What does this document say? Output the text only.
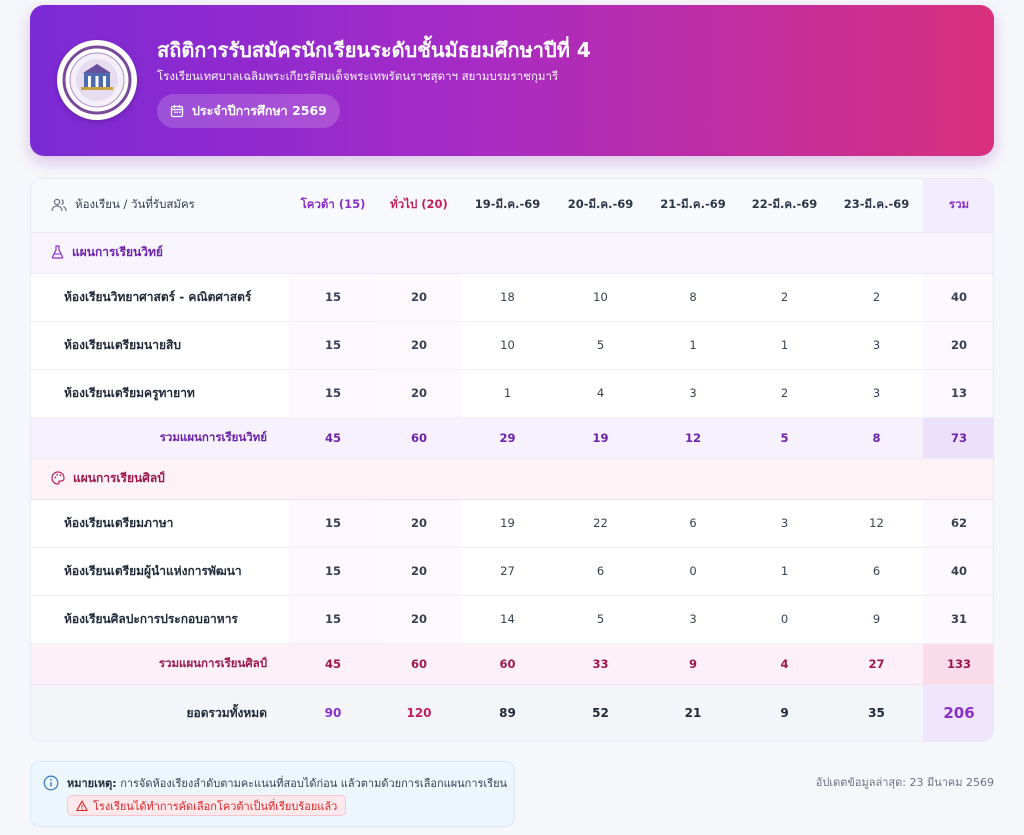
สถิติการรับสมัครนักเรียนระดับชั้นมัธยมศึกษาปีที่ 4
โรงเรียนเทศบาลเฉลิมพระเกียรติสมเด็จพระเทพรัตนราชสุดาฯ สยามบรมราชกุมารี
ประจำปีการศึกษา 2569
ห้องเรียน / วันที่รับสมัคร	โควต้า (15)	ทั่วไป (20)	19-มี.ค.-69	20-มี.ค.-69	21-มี.ค.-69	22-มี.ค.-69	23-มี.ค.-69	รวม

แผนการเรียนวิทย์								

ห้องเรียนวิทยาศาสตร์ - คณิตศาสตร์	15	20	18	10	8	2	2	40
ห้องเรียนเตรียมนายสิบ	15	20	10	5	1	1	3	20
ห้องเรียนเตรียมครูทายาท	15	20	1	4	3	2	3	13
รวมแผนการเรียนวิทย์	45	60	29	19	12	5	8	73

แผนการเรียนศิลป์								

ห้องเรียนเตรียมภาษา	15	20	19	22	6	3	12	62
ห้องเรียนเตรียมผู้นำแห่งการพัฒนา	15	20	27	6	0	1	6	40
ห้องเรียนศิลปะการประกอบอาหาร	15	20	14	5	3	0	9	31
รวมแผนการเรียนศิลป์	45	60	60	33	9	4	27	133
ยอดรวมทั้งหมด	90	120	89	52	21	9	35	206
หมายเหตุ: การจัดห้องเรียงลำดับตามคะแนนที่สอบได้ก่อน แล้วตามด้วยการเลือกแผนการเรียน
โรงเรียนได้ทำการคัดเลือกโควต้าเป็นที่เรียบร้อยแล้ว
อัปเดตข้อมูลล่าสุด: 23 มีนาคม 2569
